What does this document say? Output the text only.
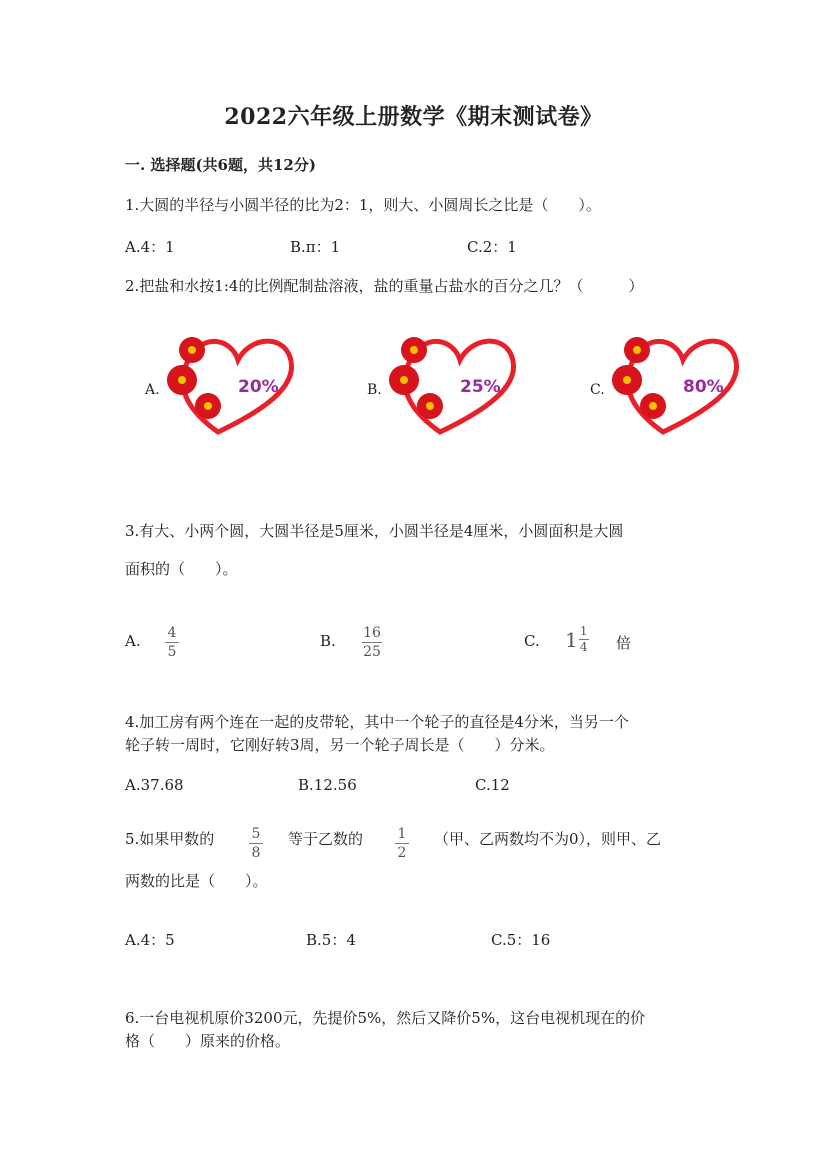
2022六年级上册数学《期末测试卷》
一. 选择题(共6题，共12分)
1.大圆的半径与小圆半径的比为2：1，则大、小圆周长之比是（　　）。
A.4：1	B.π：1	C.2：1
2.把盐和水按1:4的比例配制盐溶液，盐的重量占盐水的百分之几？（　　　）
A.	20%	B.	25%	C.	80%
3.有大、小两个圆，大圆半径是5厘米，小圆半径是4厘米，小圆面积是大圆
面积的（　　）。
A. 4
5
B. 16
25
C. $1 \frac{1}{4}$ 倍
4.加工房有两个连在一起的皮带轮，其中一个轮子的直径是4分米，当另一个
轮子转一周时，它刚好转3周，另一个轮子周长是（　　）分米。
A.37.68	B.12.56	C.12
5.如果甲数的	5
8
等于乙数的 1
2
（甲、乙两数均不为0），则甲、乙
两数的比是（　　）。
A.4：5	B.5：4	C.5：16
6.一台电视机原价3200元，先提价5%，然后又降价5%，这台电视机现在的价
格（　　）原来的价格。
